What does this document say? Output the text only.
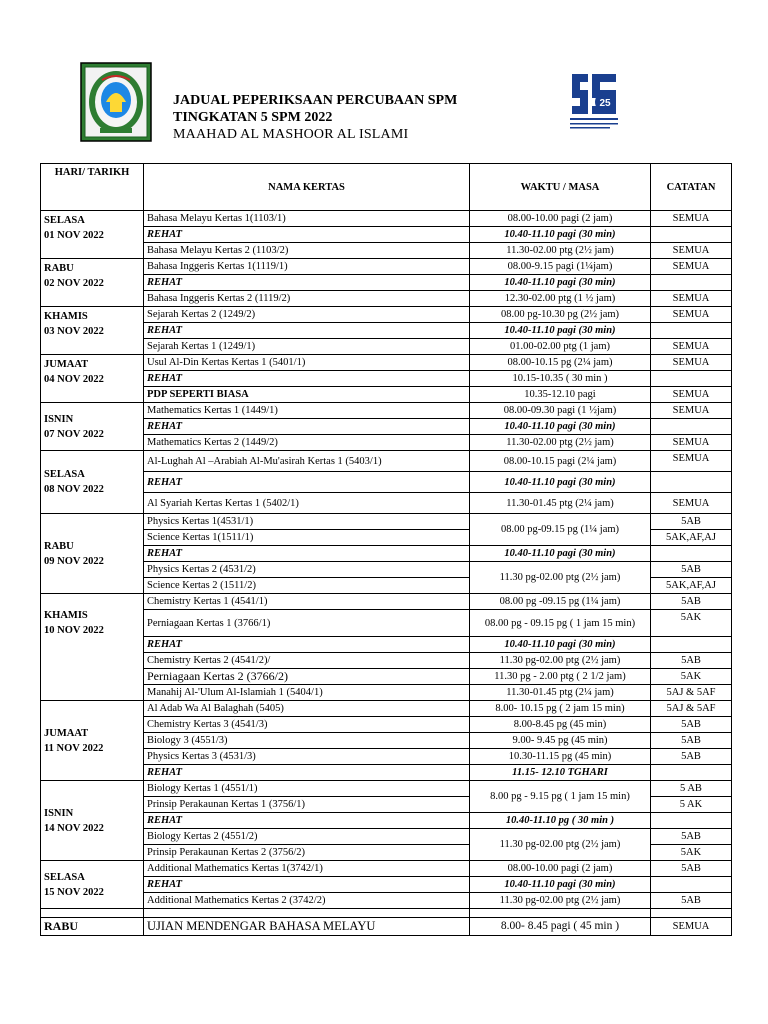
25
JADUAL PEPERIKSAAN PERCUBAAN SPM
TINGKATAN 5 SPM 2022
MAAHAD AL MASHOOR AL ISLAMI
HARI/ TARIKH	NAMA KERTAS	WAKTU / MASA	CATATAN
SELASA
01 NOV 2022	Bahasa Melayu Kertas 1(1103/1)	08.00-10.00 pagi (2 jam)	SEMUA
	REHAT	10.40-11.10 pagi (30 min)	
	Bahasa Melayu Kertas 2 (1103/2)	11.30-02.00 ptg (2½ jam)	SEMUA
RABU
02 NOV 2022	Bahasa Inggeris Kertas 1(1119/1)	08.00-9.15 pagi (1¼jam)	SEMUA
	REHAT	10.40-11.10 pagi (30 min)	
	Bahasa Inggeris Kertas 2 (1119/2)	12.30-02.00 ptg (1 ½ jam)	SEMUA
KHAMIS
03 NOV 2022	Sejarah Kertas 2 (1249/2)	08.00 pg-10.30 pg (2½ jam)	SEMUA
	REHAT	10.40-11.10 pagi (30 min)	
	Sejarah Kertas 1 (1249/1)	01.00-02.00 ptg (1 jam)	SEMUA
JUMAAT
04 NOV 2022	Usul Al-Din Kertas Kertas 1 (5401/1)	08.00-10.15 pg (2¼ jam)	SEMUA
	REHAT	10.15-10.35 ( 30 min )	
	PDP SEPERTI BIASA	10.35-12.10 pagi	SEMUA
ISNIN
07 NOV 2022	Mathematics Kertas 1 (1449/1)	08.00-09.30 pagi (1 ½jam)	SEMUA
	REHAT	10.40-11.10 pagi (30 min)	
	Mathematics Kertas 2 (1449/2)	11.30-02.00 ptg (2½ jam)	SEMUA
SELASA
08 NOV 2022	Al-Lughah Al –Arabiah Al-Mu'asirah Kertas 1 (5403/1)	08.00-10.15 pagi (2¼ jam)	SEMUA
	REHAT	10.40-11.10 pagi (30 min)	
	Al Syariah Kertas Kertas 1 (5402/1)	11.30-01.45 ptg (2¼ jam)	SEMUA
RABU
09 NOV 2022	Physics Kertas 1(4531/1)	08.00 pg-09.15 pg (1¼ jam)	5AB
	Science Kertas 1(1511/1)		5AK,AF,AJ
	REHAT	10.40-11.10 pagi (30 min)	
	Physics Kertas 2 (4531/2)	11.30 pg-02.00 ptg (2½ jam)	5AB
	Science Kertas 2 (1511/2)		5AK,AF,AJ
KHAMIS
10 NOV 2022	Chemistry Kertas 1 (4541/1)	08.00 pg -09.15 pg (1¼ jam)	5AB
	Perniagaan Kertas 1 (3766/1)	08.00 pg - 09.15 pg ( 1 jam 15 min)	5AK
	REHAT	10.40-11.10 pagi (30 min)	
	Chemistry Kertas 2 (4541/2)/	11.30 pg-02.00 ptg (2½ jam)	5AB
	Perniagaan Kertas 2 (3766/2)	11.30 pg - 2.00 ptg ( 2 1/2 jam)	5AK
	Manahij Al-'Ulum Al-Islamiah 1 (5404/1)	11.30-01.45 ptg (2¼ jam)	5AJ & 5AF
JUMAAT
11 NOV 2022	Al Adab Wa Al Balaghah (5405)	8.00- 10.15 pg ( 2 jam 15 min)	5AJ & 5AF
	Chemistry Kertas 3 (4541/3)	8.00-8.45 pg (45 min)	5AB
	Biology 3 (4551/3)	9.00- 9.45 pg (45 min)	5AB
	Physics Kertas 3 (4531/3)	10.30-11.15 pg (45 min)	5AB
	REHAT	11.15- 12.10 TGHARI	
ISNIN
14 NOV 2022	Biology Kertas 1 (4551/1)	8.00 pg - 9.15 pg ( 1 jam 15 min)	5 AB
	Prinsip Perakaunan Kertas 1 (3756/1)		5 AK
	REHAT	10.40-11.10 pg ( 30 min )	
	Biology Kertas 2 (4551/2)	11.30 pg-02.00 ptg (2½ jam)	5AB
	Prinsip Perakaunan Kertas 2 (3756/2)		5AK
SELASA
15 NOV 2022	Additional Mathematics Kertas 1(3742/1)	08.00-10.00 pagi (2 jam)	5AB
	REHAT	10.40-11.10 pagi (30 min)	
	Additional Mathematics Kertas 2 (3742/2)	11.30 pg-02.00 ptg (2½ jam)	5AB

RABU	UJIAN MENDENGAR BAHASA MELAYU	8.00- 8.45 pagi ( 45 min )	SEMUA
